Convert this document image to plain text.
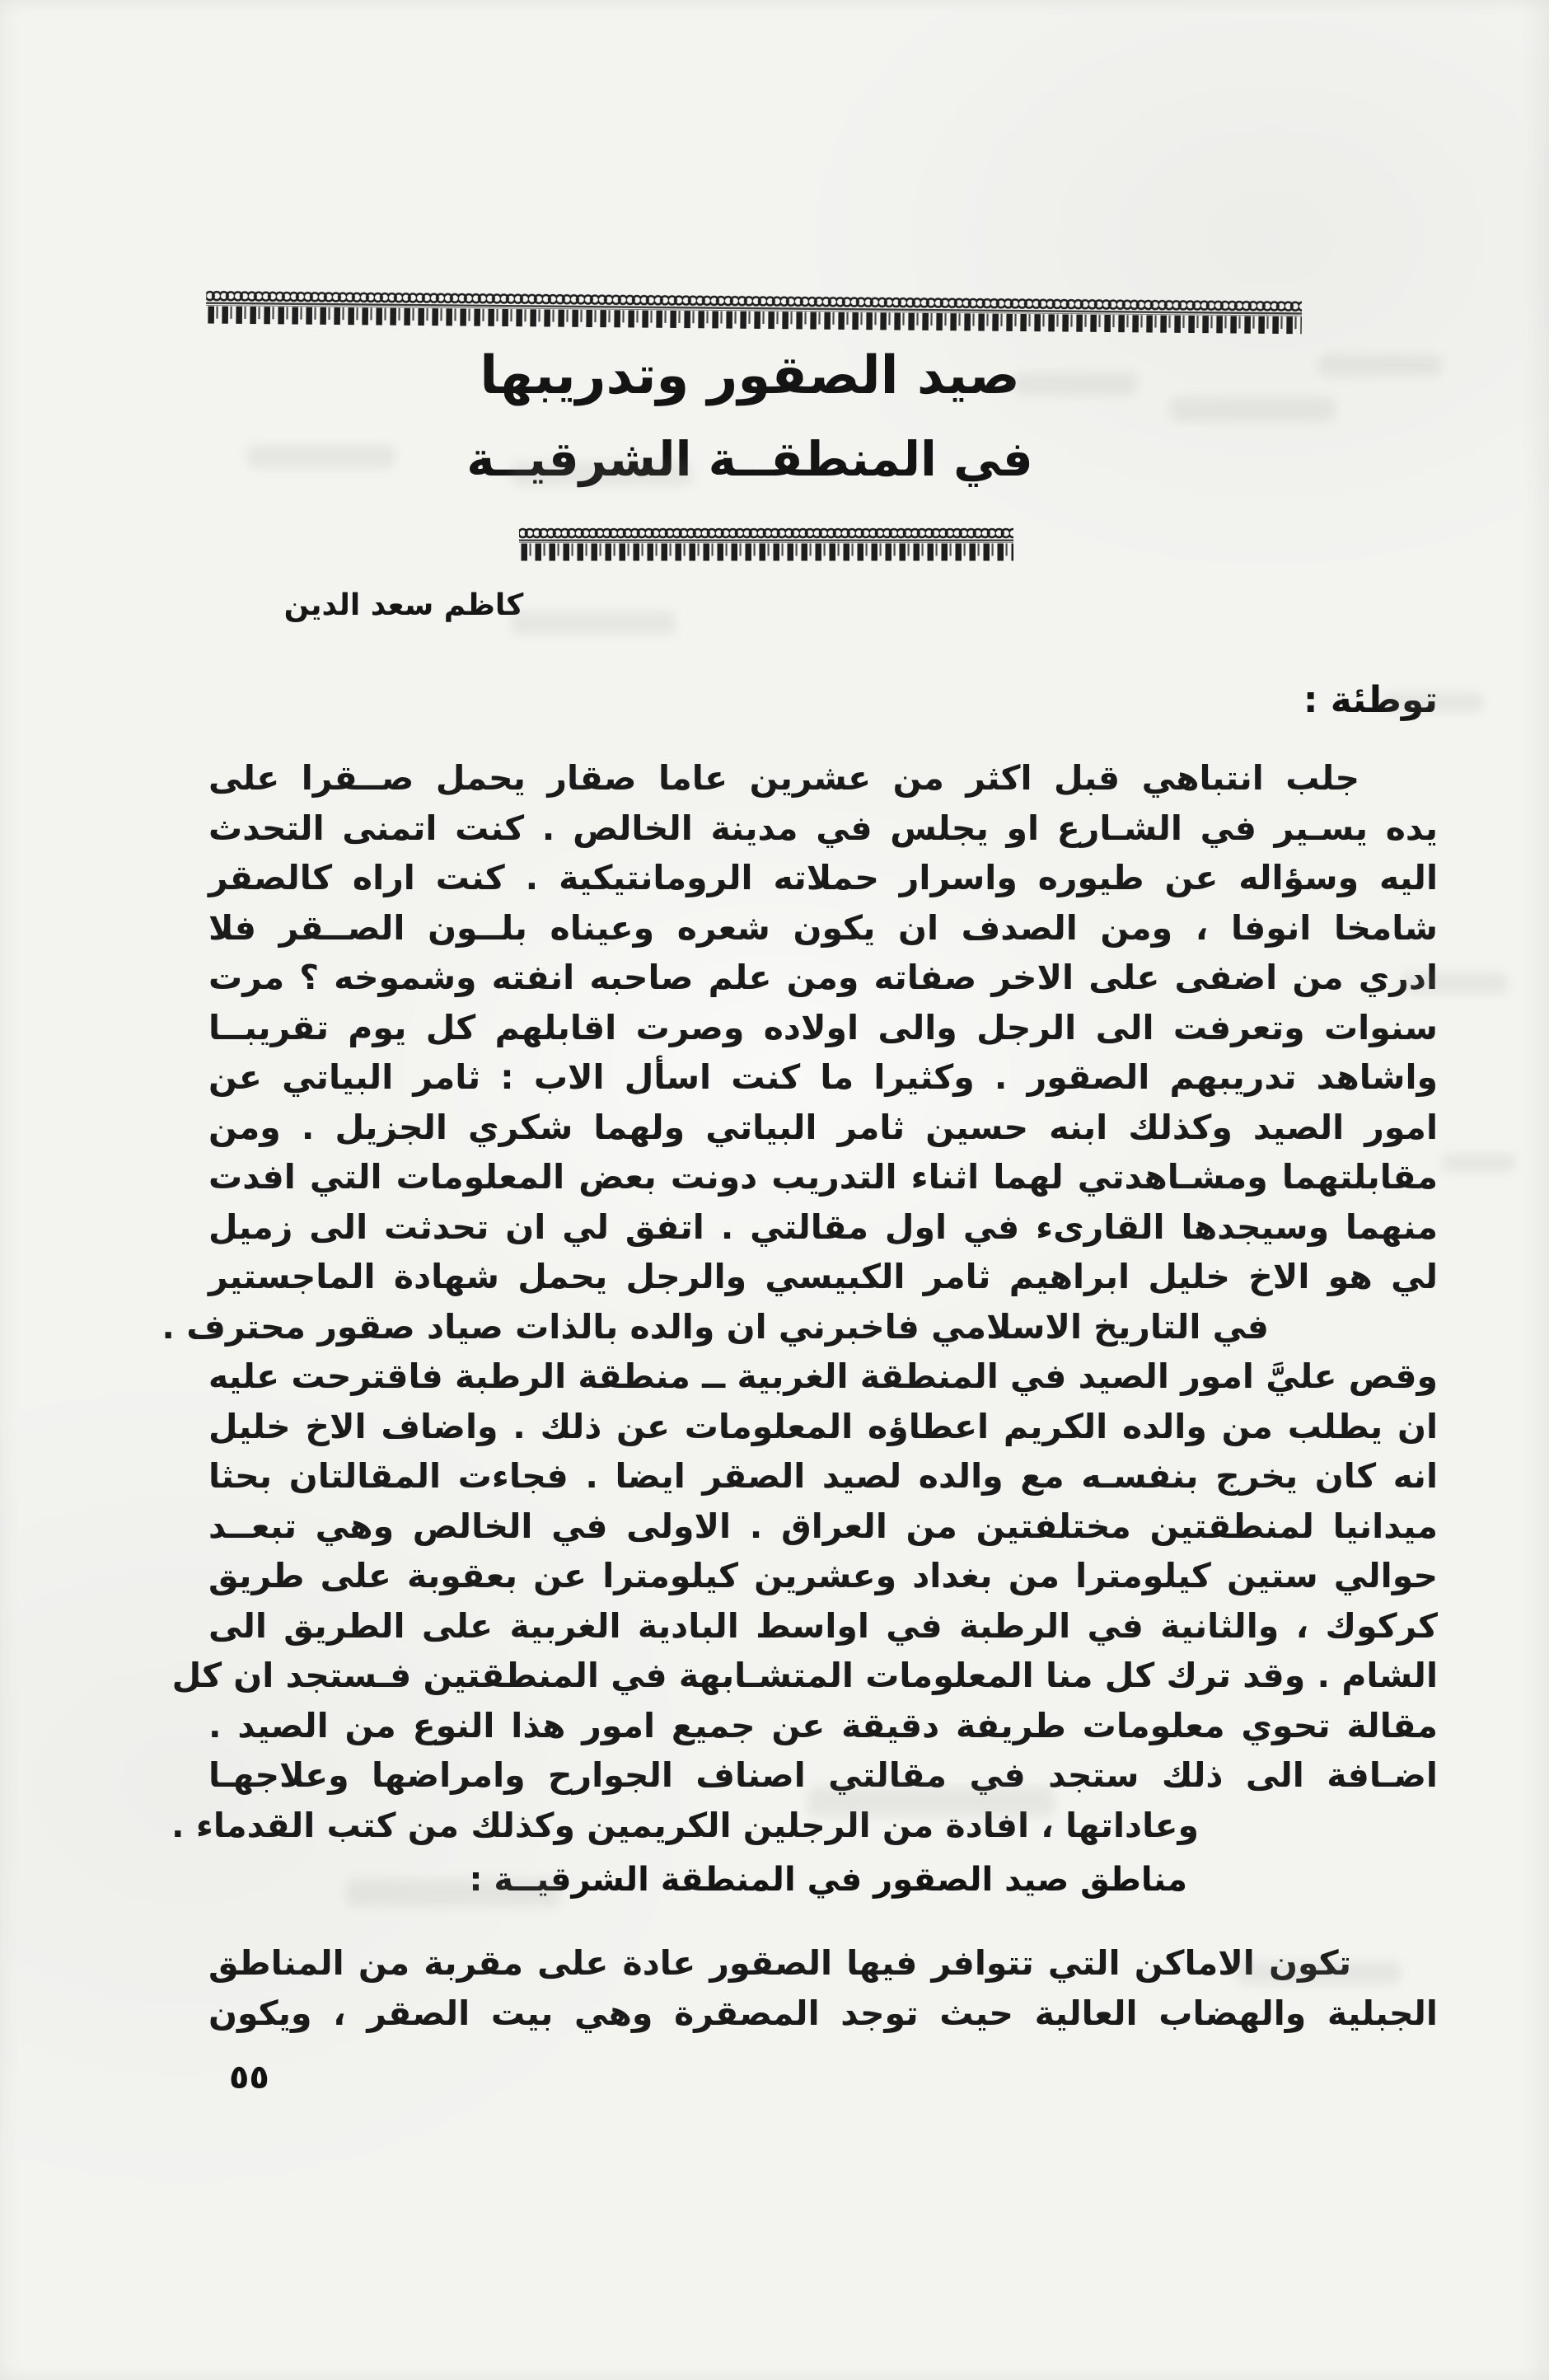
صيد الصقور وتدريبها
في المنطقــة الشرقيــة
كاظم سعد الدين
توطئة :
جلب انتباهي قبل اكثر من عشرين عاما صقار يحمل صــقرا على
يده يسـير في الشـارع او يجلس في مدينة الخالص . كنت اتمنى التحدث
اليه وسؤاله عن طيوره واسرار حملاته الرومانتيكية . كنت اراه كالصقر
شامخا انوفا ، ومن الصدف ان يكون شعره وعيناه بلــون الصــقر فلا
ادري من اضفى على الاخر صفاته ومن علم صاحبه انفته وشموخه ؟ مرت
سنوات وتعرفت الى الرجل والى اولاده وصرت اقابلهم كل يوم تقريبــا
واشاهد تدريبهم الصقور . وكثيرا ما كنت اسأل الاب : ثامر البياتي عن
امور الصيد وكذلك ابنه حسين ثامر البياتي ولهما شكري الجزيل . ومن
مقابلتهما ومشـاهدتي لهما اثناء التدريب دونت بعض المعلومات التي افدت
منهما وسيجدها القارىء في اول مقالتي . اتفق لي ان تحدثت الى زميل
لي هو الاخ خليل ابراهيم ثامر الكبيسي والرجل يحمل شهادة الماجستير
في التاريخ الاسلامي فاخبرني ان والده بالذات صياد صقور محترف .
وقص عليَّ امور الصيد في المنطقة الغربية ــ منطقة الرطبة فاقترحت عليه
ان يطلب من والده الكريم اعطاؤه المعلومات عن ذلك . واضاف الاخ خليل
انه كان يخرج بنفسـه مع والده لصيد الصقر ايضا . فجاءت المقالتان بحثا
ميدانيا لمنطقتين مختلفتين من العراق . الاولى في الخالص وهي تبعــد
حوالي ستين كيلومترا من بغداد وعشرين كيلومترا عن بعقوبة على طريق
كركوك ، والثانية في الرطبة في اواسط البادية الغربية على الطريق الى
الشام . وقد ترك كل منا المعلومات المتشـابهة في المنطقتين فـستجد ان كل
مقالة تحوي معلومات طريفة دقيقة عن جميع امور هذا النوع من الصيد .
اضـافة الى ذلك ستجد في مقالتي اصناف الجوارح وامراضها وعلاجهـا
وعاداتها ، افادة من الرجلين الكريمين وكذلك من كتب القدماء .
مناطق صيد الصقور في المنطقة الشرقيــة :
تكون الاماكن التي تتوافر فيها الصقور عادة على مقربة من المناطق
الجبلية والهضاب العالية حيث توجد المصقرة وهي بيت الصقر ، ويكون
٥٥
